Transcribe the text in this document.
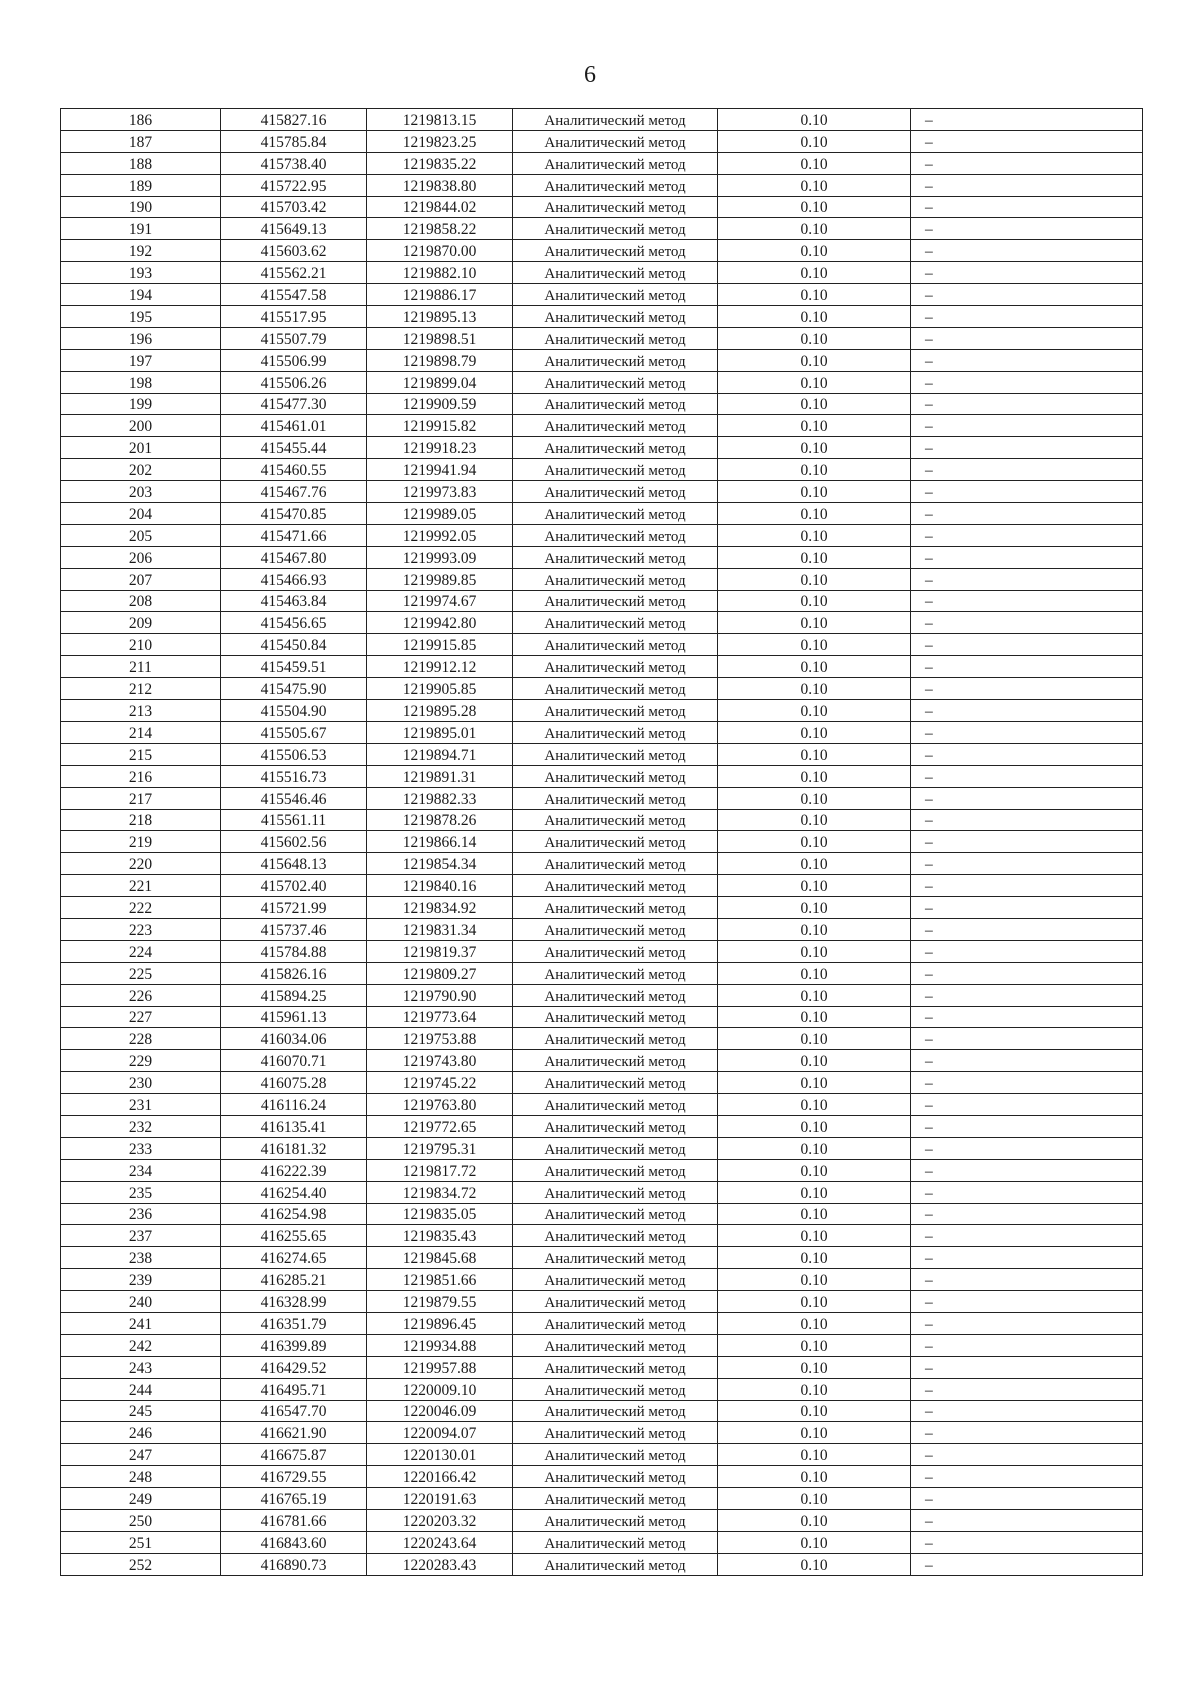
6
186	415827.16	1219813.15	Аналитический метод	0.10	–
187	415785.84	1219823.25	Аналитический метод	0.10	–
188	415738.40	1219835.22	Аналитический метод	0.10	–
189	415722.95	1219838.80	Аналитический метод	0.10	–
190	415703.42	1219844.02	Аналитический метод	0.10	–
191	415649.13	1219858.22	Аналитический метод	0.10	–
192	415603.62	1219870.00	Аналитический метод	0.10	–
193	415562.21	1219882.10	Аналитический метод	0.10	–
194	415547.58	1219886.17	Аналитический метод	0.10	–
195	415517.95	1219895.13	Аналитический метод	0.10	–
196	415507.79	1219898.51	Аналитический метод	0.10	–
197	415506.99	1219898.79	Аналитический метод	0.10	–
198	415506.26	1219899.04	Аналитический метод	0.10	–
199	415477.30	1219909.59	Аналитический метод	0.10	–
200	415461.01	1219915.82	Аналитический метод	0.10	–
201	415455.44	1219918.23	Аналитический метод	0.10	–
202	415460.55	1219941.94	Аналитический метод	0.10	–
203	415467.76	1219973.83	Аналитический метод	0.10	–
204	415470.85	1219989.05	Аналитический метод	0.10	–
205	415471.66	1219992.05	Аналитический метод	0.10	–
206	415467.80	1219993.09	Аналитический метод	0.10	–
207	415466.93	1219989.85	Аналитический метод	0.10	–
208	415463.84	1219974.67	Аналитический метод	0.10	–
209	415456.65	1219942.80	Аналитический метод	0.10	–
210	415450.84	1219915.85	Аналитический метод	0.10	–
211	415459.51	1219912.12	Аналитический метод	0.10	–
212	415475.90	1219905.85	Аналитический метод	0.10	–
213	415504.90	1219895.28	Аналитический метод	0.10	–
214	415505.67	1219895.01	Аналитический метод	0.10	–
215	415506.53	1219894.71	Аналитический метод	0.10	–
216	415516.73	1219891.31	Аналитический метод	0.10	–
217	415546.46	1219882.33	Аналитический метод	0.10	–
218	415561.11	1219878.26	Аналитический метод	0.10	–
219	415602.56	1219866.14	Аналитический метод	0.10	–
220	415648.13	1219854.34	Аналитический метод	0.10	–
221	415702.40	1219840.16	Аналитический метод	0.10	–
222	415721.99	1219834.92	Аналитический метод	0.10	–
223	415737.46	1219831.34	Аналитический метод	0.10	–
224	415784.88	1219819.37	Аналитический метод	0.10	–
225	415826.16	1219809.27	Аналитический метод	0.10	–
226	415894.25	1219790.90	Аналитический метод	0.10	–
227	415961.13	1219773.64	Аналитический метод	0.10	–
228	416034.06	1219753.88	Аналитический метод	0.10	–
229	416070.71	1219743.80	Аналитический метод	0.10	–
230	416075.28	1219745.22	Аналитический метод	0.10	–
231	416116.24	1219763.80	Аналитический метод	0.10	–
232	416135.41	1219772.65	Аналитический метод	0.10	–
233	416181.32	1219795.31	Аналитический метод	0.10	–
234	416222.39	1219817.72	Аналитический метод	0.10	–
235	416254.40	1219834.72	Аналитический метод	0.10	–
236	416254.98	1219835.05	Аналитический метод	0.10	–
237	416255.65	1219835.43	Аналитический метод	0.10	–
238	416274.65	1219845.68	Аналитический метод	0.10	–
239	416285.21	1219851.66	Аналитический метод	0.10	–
240	416328.99	1219879.55	Аналитический метод	0.10	–
241	416351.79	1219896.45	Аналитический метод	0.10	–
242	416399.89	1219934.88	Аналитический метод	0.10	–
243	416429.52	1219957.88	Аналитический метод	0.10	–
244	416495.71	1220009.10	Аналитический метод	0.10	–
245	416547.70	1220046.09	Аналитический метод	0.10	–
246	416621.90	1220094.07	Аналитический метод	0.10	–
247	416675.87	1220130.01	Аналитический метод	0.10	–
248	416729.55	1220166.42	Аналитический метод	0.10	–
249	416765.19	1220191.63	Аналитический метод	0.10	–
250	416781.66	1220203.32	Аналитический метод	0.10	–
251	416843.60	1220243.64	Аналитический метод	0.10	–
252	416890.73	1220283.43	Аналитический метод	0.10	–
